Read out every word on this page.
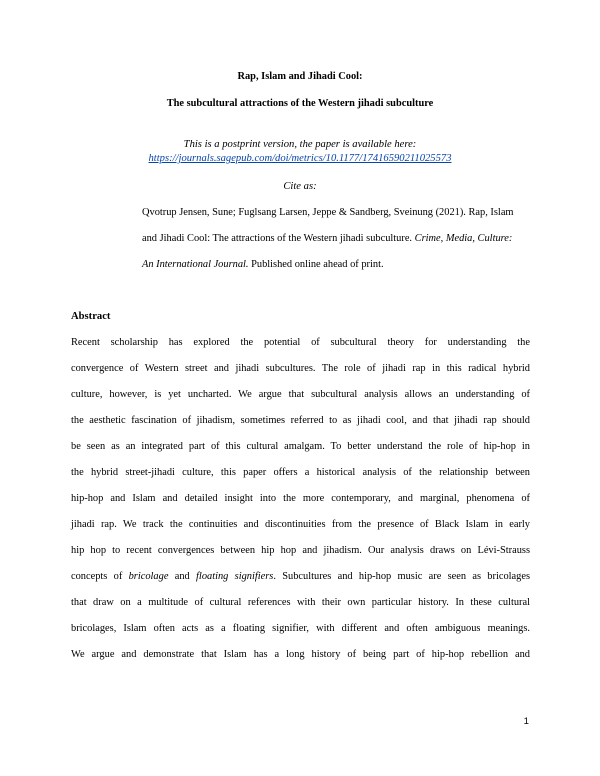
Rap, Islam and Jihadi Cool:

The subcultural attractions of the Western jihadi subculture

This is a postprint version, the paper is available here:

https://journals.sagepub.com/doi/metrics/10.1177/17416590211025573

Cite as:

Qvotrup Jensen, Sune; Fuglsang Larsen, Jeppe & Sandberg, Sveinung (2021). Rap, Islam
and Jihadi Cool: The attractions of the Western jihadi subculture. Crime, Media, Culture:
An International Journal. Published online ahead of print.

Abstract

Recent scholarship has explored the potential of subcultural theory for understanding the
convergence of Western street and jihadi subcultures. The role of jihadi rap in this radical hybrid
culture, however, is yet uncharted. We argue that subcultural analysis allows an understanding of
the aesthetic fascination of jihadism, sometimes referred to as jihadi cool, and that jihadi rap should
be seen as an integrated part of this cultural amalgam. To better understand the role of hip-hop in
the hybrid street-jihadi culture, this paper offers a historical analysis of the relationship between
hip-hop and Islam and detailed insight into the more contemporary, and marginal, phenomena of
jihadi rap. We track the continuities and discontinuities from the presence of Black Islam in early
hip hop to recent convergences between hip hop and jihadism. Our analysis draws on Lévi-Strauss
concepts of bricolage and floating signifiers. Subcultures and hip-hop music are seen as bricolages
that draw on a multitude of cultural references with their own particular history. In these cultural
bricolages, Islam often acts as a floating signifier, with different and often ambiguous meanings.
We argue and demonstrate that Islam has a long history of being part of hip-hop rebellion and

1
